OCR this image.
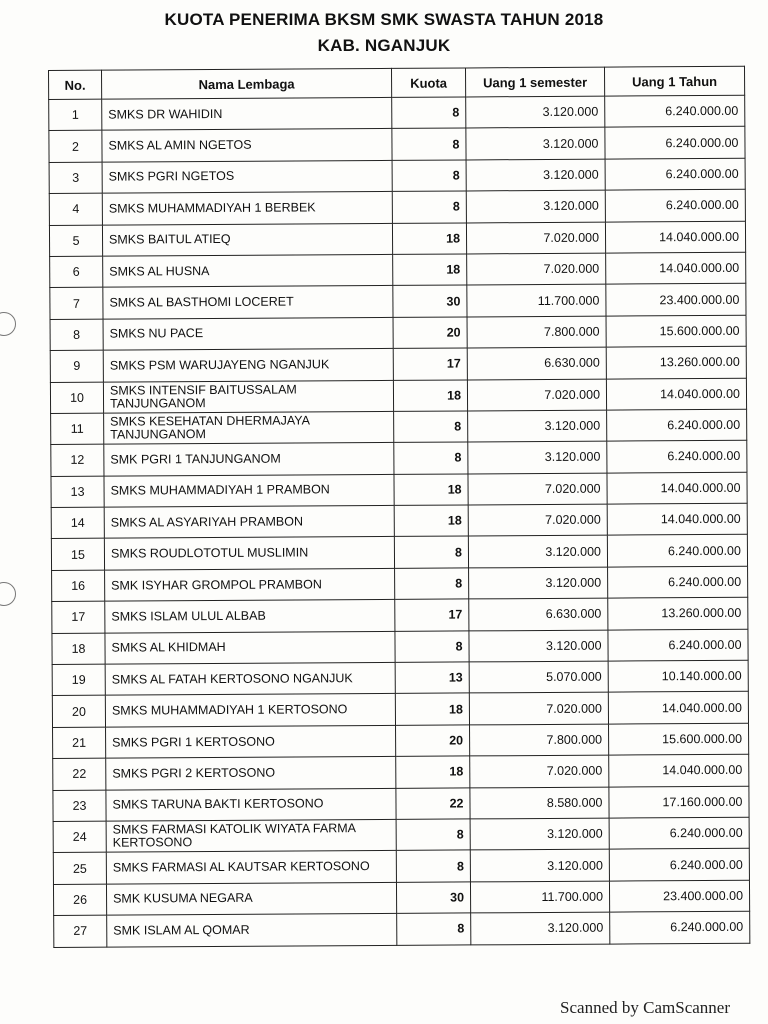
KUOTA PENERIMA BKSM SMK SWASTA TAHUN 2018
KAB. NGANJUK
No.	Nama Lembaga	Kuota	Uang 1 semester	Uang 1 Tahun
1	SMKS DR WAHIDIN	8	3.120.000	6.240.000.00
2	SMKS AL AMIN NGETOS	8	3.120.000	6.240.000.00
3	SMKS PGRI NGETOS	8	3.120.000	6.240.000.00
4	SMKS MUHAMMADIYAH 1 BERBEK	8	3.120.000	6.240.000.00
5	SMKS BAITUL ATIEQ	18	7.020.000	14.040.000.00
6	SMKS AL HUSNA	18	7.020.000	14.040.000.00
7	SMKS AL BASTHOMI LOCERET	30	11.700.000	23.400.000.00
8	SMKS NU PACE	20	7.800.000	15.600.000.00
9	SMKS PSM WARUJAYENG NGANJUK	17	6.630.000	13.260.000.00
10	SMKS INTENSIF BAITUSSALAM TANJUNGANOM	18	7.020.000	14.040.000.00
11	SMKS KESEHATAN DHERMAJAYA TANJUNGANOM	8	3.120.000	6.240.000.00
12	SMK PGRI 1 TANJUNGANOM	8	3.120.000	6.240.000.00
13	SMKS MUHAMMADIYAH 1 PRAMBON	18	7.020.000	14.040.000.00
14	SMKS AL ASYARIYAH PRAMBON	18	7.020.000	14.040.000.00
15	SMKS ROUDLOTOTUL MUSLIMIN	8	3.120.000	6.240.000.00
16	SMK ISYHAR GROMPOL PRAMBON	8	3.120.000	6.240.000.00
17	SMKS ISLAM ULUL ALBAB	17	6.630.000	13.260.000.00
18	SMKS AL KHIDMAH	8	3.120.000	6.240.000.00
19	SMKS AL FATAH KERTOSONO NGANJUK	13	5.070.000	10.140.000.00
20	SMKS MUHAMMADIYAH 1 KERTOSONO	18	7.020.000	14.040.000.00
21	SMKS PGRI 1 KERTOSONO	20	7.800.000	15.600.000.00
22	SMKS PGRI 2 KERTOSONO	18	7.020.000	14.040.000.00
23	SMKS TARUNA BAKTI KERTOSONO	22	8.580.000	17.160.000.00
24	SMKS FARMASI KATOLIK WIYATA FARMA KERTOSONO	8	3.120.000	6.240.000.00
25	SMKS FARMASI AL KAUTSAR KERTOSONO	8	3.120.000	6.240.000.00
26	SMK KUSUMA NEGARA	30	11.700.000	23.400.000.00
27	SMK ISLAM AL QOMAR	8	3.120.000	6.240.000.00
Scanned by CamScanner
